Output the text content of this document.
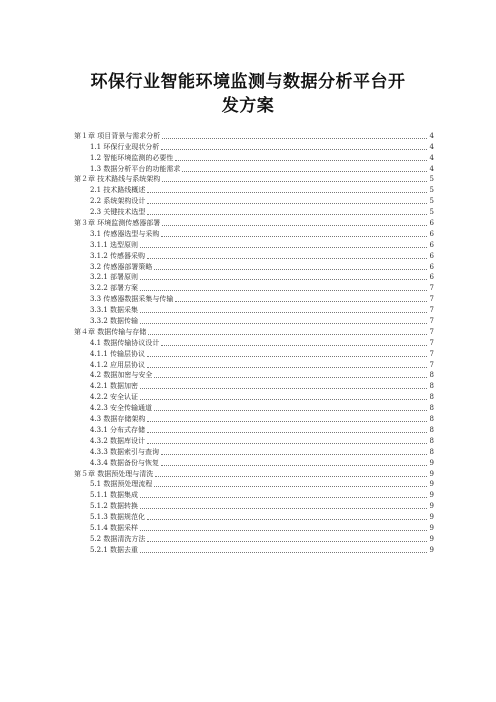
环保行业智能环境监测与数据分析平台开
发方案
第１章 项目背景与需求分析	4
1.1 环保行业现状分析	4
1.2 智能环境监测的必要性	4
1.3 数据分析平台的功能需求	4
第２章 技术路线与系统架构	5
2.1 技术路线概述	5
2.2 系统架构设计	5
2.3 关键技术选型	5
第３章 环境监测传感器部署	6
3.1 传感器选型与采购	6
3.1.1 选型原则	6
3.1.2 传感器采购	6
3.2 传感器部署策略	6
3.2.1 部署原则	6
3.2.2 部署方案	7
3.3 传感器数据采集与传输	7
3.3.1 数据采集	7
3.3.2 数据传输	7
第４章 数据传输与存储	7
4.1 数据传输协议设计	7
4.1.1 传输层协议	7
4.1.2 应用层协议	7
4.2 数据加密与安全	8
4.2.1 数据加密	8
4.2.2 安全认证	8
4.2.3 安全传输通道	8
4.3 数据存储架构	8
4.3.1 分布式存储	8
4.3.2 数据库设计	8
4.3.3 数据索引与查询	8
4.3.4 数据备份与恢复	9
第５章 数据预处理与清洗	9
5.1 数据预处理流程	9
5.1.1 数据集成	9
5.1.2 数据转换	9
5.1.3 数据规范化	9
5.1.4 数据采样	9
5.2 数据清洗方法	9
5.2.1 数据去重	9
